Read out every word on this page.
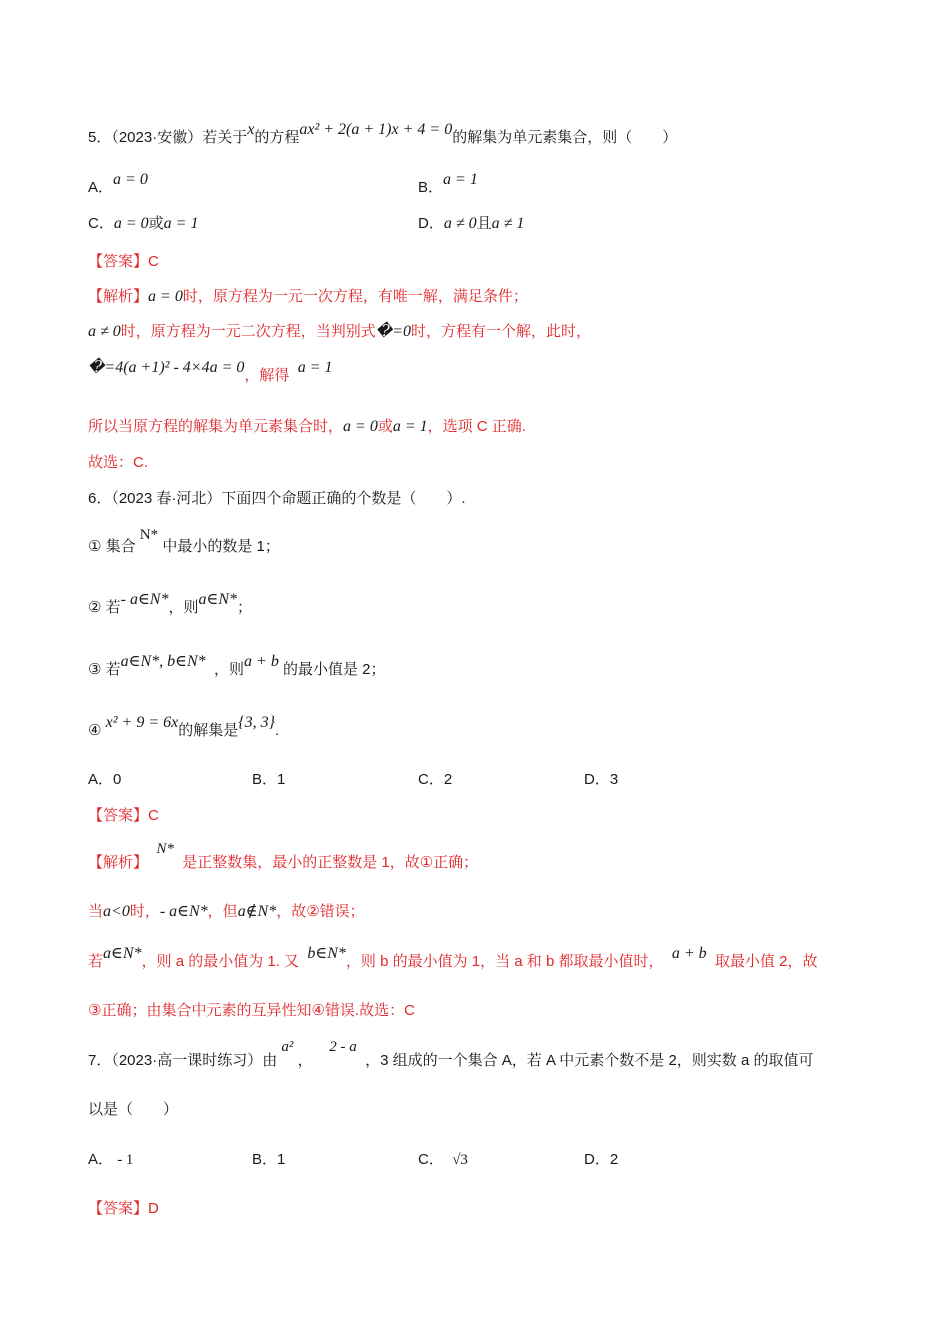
5．（2023·安徽）若关于x的方程ax² + 2(a + 1)x + 4 = 0的解集为单元素集合，则（　　）
A．a = 0	B．a = 1
C．a = 0或a = 1	D．a ≠ 0且a ≠ 1
【答案】C
【解析】a = 0时，原方程为一元一次方程，有唯一解，满足条件；
a ≠ 0时，原方程为一元二次方程，当判别式�=0时，方程有一个解，此时，
�=4(a +1)² - 4×4a = 0，解得 a = 1
所以当原方程的解集为单元素集合时，a = 0或a = 1，选项 C 正确.
故选：C.
6．（2023 春·河北）下面四个命题正确的个数是（　　）.
① 集合 N* 中最小的数是 1；
② 若- a∈N*，则a∈N*；
③ 若a∈N*, b∈N* ，则a + b 的最小值是 2；
④ x² + 9 = 6x的解集是{3, 3}.
A．0	B．1	C．2	D．3
【答案】C
【解析】  N*  是正整数集，最小的正整数是 1，故①正确；
当a<0时，- a∈N*，但a∉N*，故②错误；
若a∈N*，则 a 的最小值为 1. 又 b∈N*，则 b 的最小值为 1，当 a 和 b 都取最小值时， a + b 取最小值 2，故
③正确；由集合中元素的互异性知④错误.故选：C
7．（2023·高一课时练习）由 a² ，    2 - a  ，3 组成的一个集合 A，若 A 中元素个数不是 2，则实数 a 的取值可
以是（　　）
A． - 1	B．1	C． √3	D．2
【答案】D
